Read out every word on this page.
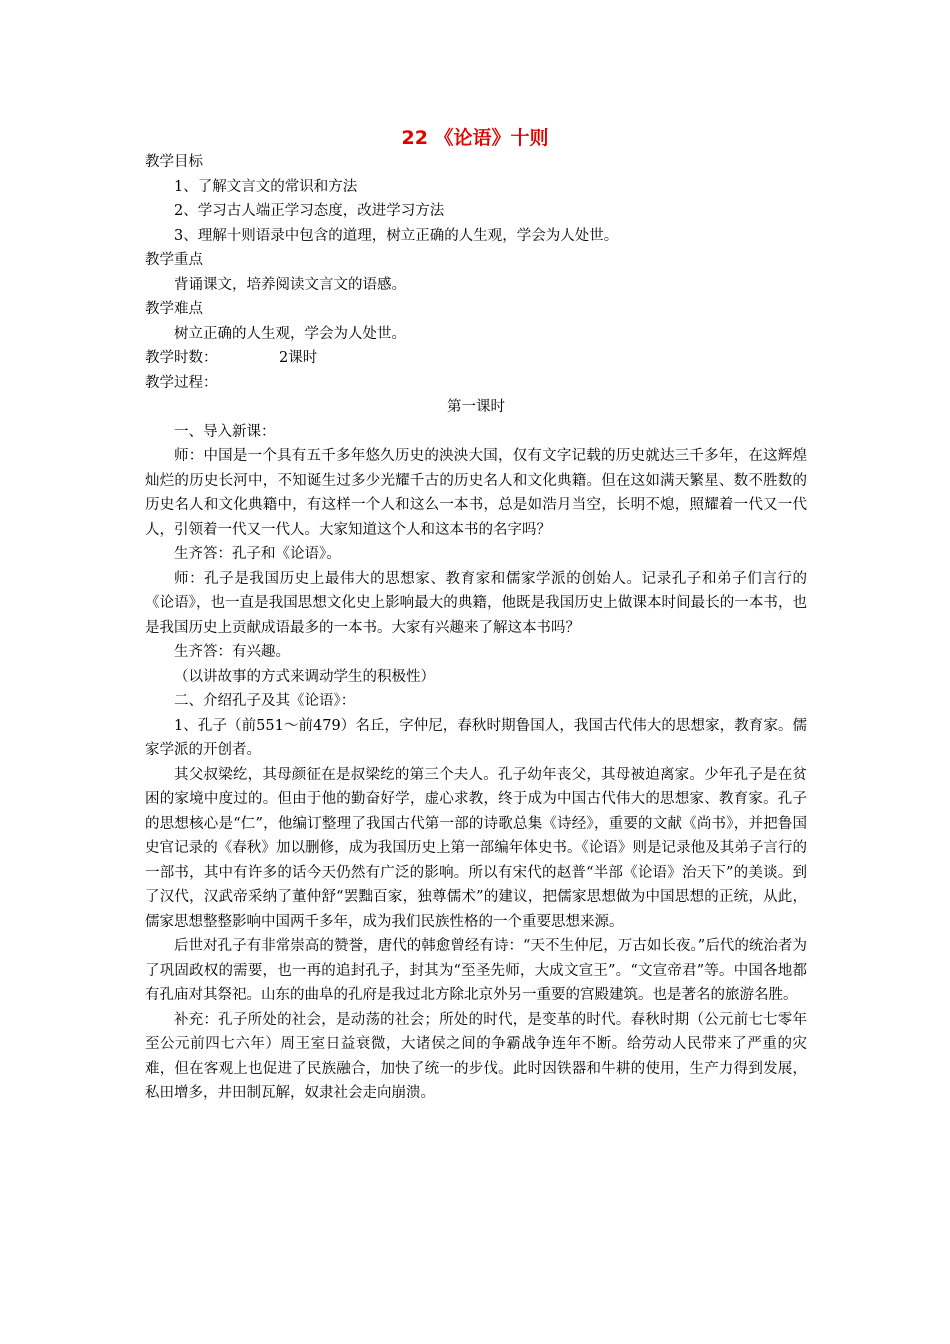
22 《论语》十则

教学目标

1、了解文言文的常识和方法

2、学习古人端正学习态度，改进学习方法

3、理解十则语录中包含的道理，树立正确的人生观，学会为人处世。

教学重点

背诵课文，培养阅读文言文的语感。

教学难点

树立正确的人生观，学会为人处世。

教学时数：	2课时

教学过程：

第一课时

一、导入新课：

师：中国是一个具有五千多年悠久历史的泱泱大国，仅有文字记载的历史就达三千多年，在这辉煌灿烂的历史长河中，不知诞生过多少光耀千古的历史名人和文化典籍。但在这如满天繁星、数不胜数的历史名人和文化典籍中，有这样一个人和这么一本书，总是如浩月当空，长明不熄，照耀着一代又一代人，引领着一代又一代人。大家知道这个人和这本书的名字吗？

生齐答：孔子和《论语》。

师：孔子是我国历史上最伟大的思想家、教育家和儒家学派的创始人。记录孔子和弟子们言行的《论语》，也一直是我国思想文化史上影响最大的典籍，他既是我国历史上做课本时间最长的一本书，也是我国历史上贡献成语最多的一本书。大家有兴趣来了解这本书吗？

生齐答：有兴趣。

（以讲故事的方式来调动学生的积极性）

二、介绍孔子及其《论语》：

1、孔子（前551～前479）名丘，字仲尼，春秋时期鲁国人，我国古代伟大的思想家，教育家。儒家学派的开创者。

其父叔梁纥，其母颜征在是叔梁纥的第三个夫人。孔子幼年丧父，其母被迫离家。少年孔子是在贫困的家境中度过的。但由于他的勤奋好学，虚心求教，终于成为中国古代伟大的思想家、教育家。孔子的思想核心是“仁”，他编订整理了我国古代第一部的诗歌总集《诗经》，重要的文献《尚书》，并把鲁国史官记录的《春秋》加以删修，成为我国历史上第一部编年体史书。《论语》则是记录他及其弟子言行的一部书，其中有许多的话今天仍然有广泛的影响。所以有宋代的赵普“半部《论语》治天下”的美谈。到了汉代，汉武帝采纳了董仲舒“罢黜百家，独尊儒术”的建议，把儒家思想做为中国思想的正统，从此，儒家思想整整影响中国两千多年，成为我们民族性格的一个重要思想来源。

后世对孔子有非常崇高的赞誉，唐代的韩愈曾经有诗：“天不生仲尼，万古如长夜。”后代的统治者为了巩固政权的需要，也一再的追封孔子，封其为“至圣先师，大成文宣王”。“文宣帝君”等。中国各地都有孔庙对其祭祀。山东的曲阜的孔府是我过北方除北京外另一重要的宫殿建筑。也是著名的旅游名胜。

补充：孔子所处的社会，是动荡的社会；所处的时代，是变革的时代。春秋时期（公元前七七零年至公元前四七六年）周王室日益衰微，大诸侯之间的争霸战争连年不断。给劳动人民带来了严重的灾难，但在客观上也促进了民族融合，加快了统一的步伐。此时因铁器和牛耕的使用，生产力得到发展，私田增多，井田制瓦解，奴隶社会走向崩溃。
